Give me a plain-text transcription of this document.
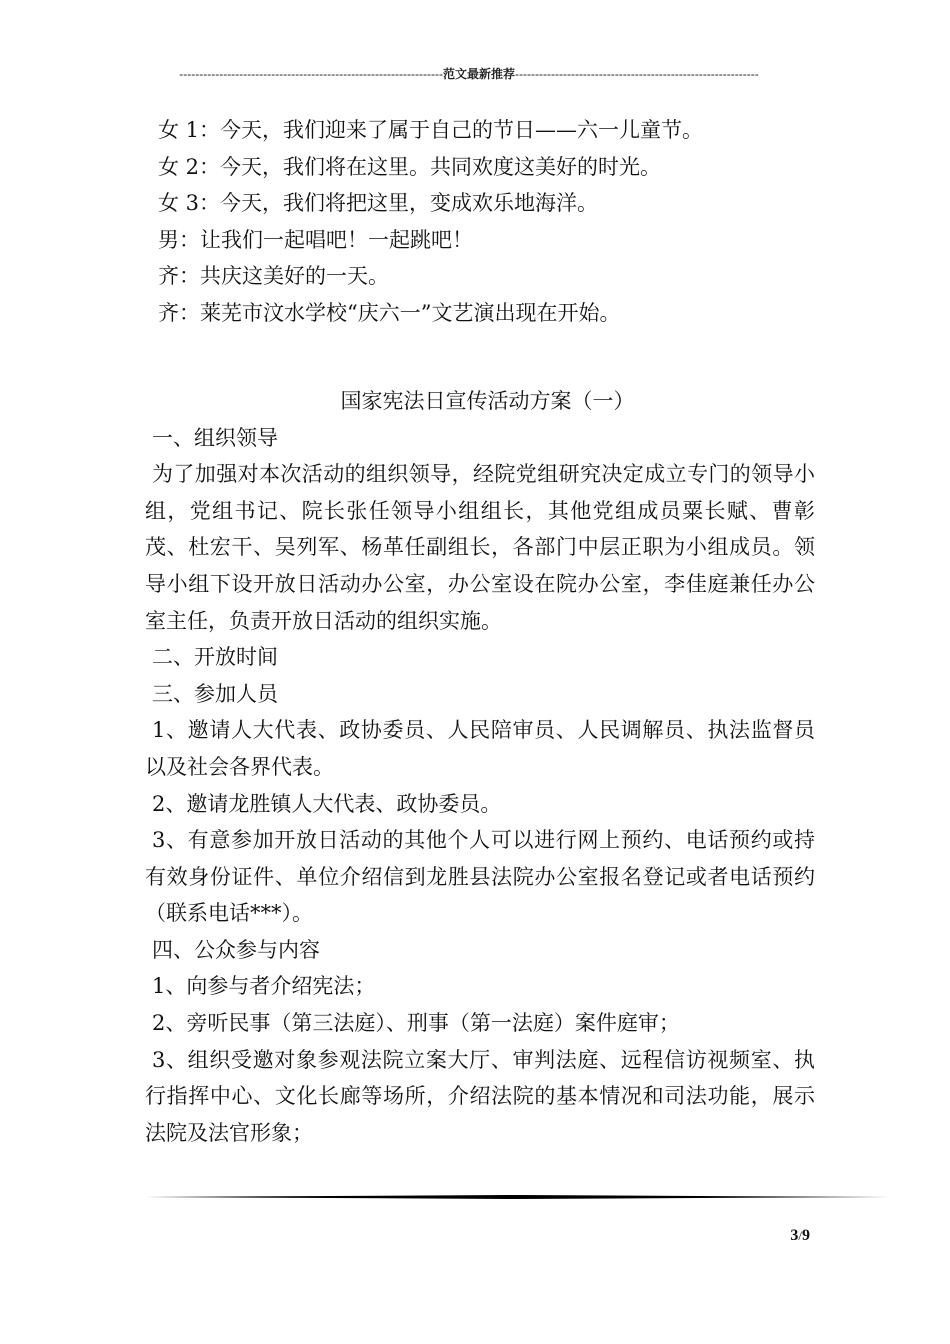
------------------------------------------------------------------范文最新推荐-------------------------------------------------------------
女 1：今天，我们迎来了属于自己的节日——六一儿童节。
女 2：今天，我们将在这里。共同欢度这美好的时光。
女 3：今天，我们将把这里，变成欢乐地海洋。
男：让我们一起唱吧！一起跳吧！
齐：共庆这美好的一天。
齐：莱芜市汶水学校“庆六一”文艺演出现在开始。
国家宪法日宣传活动方案（一）
一、组织领导

为了加强对本次活动的组织领导，经院党组研究决定成立专门的领导小组，党组书记、院长张任领导小组组长，其他党组成员粟长赋、曹彰茂、杜宏干、吴列军、杨革任副组长，各部门中层正职为小组成员。领导小组下设开放日活动办公室，办公室设在院办公室，李佳庭兼任办公室主任，负责开放日活动的组织实施。

二、开放时间
三、参加人员

1、邀请人大代表、政协委员、人民陪审员、人民调解员、执法监督员以及社会各界代表。

2、邀请龙胜镇人大代表、政协委员。

3、有意参加开放日活动的其他个人可以进行网上预约、电话预约或持有效身份证件、单位介绍信到龙胜县法院办公室报名登记或者电话预约（联系电话***）。

四、公众参与内容

1、向参与者介绍宪法；

2、旁听民事（第三法庭）、刑事（第一法庭）案件庭审；

3、组织受邀对象参观法院立案大厅、审判法庭、远程信访视频室、执行指挥中心、文化长廊等场所，介绍法院的基本情况和司法功能，展示法院及法官形象；

3/9
